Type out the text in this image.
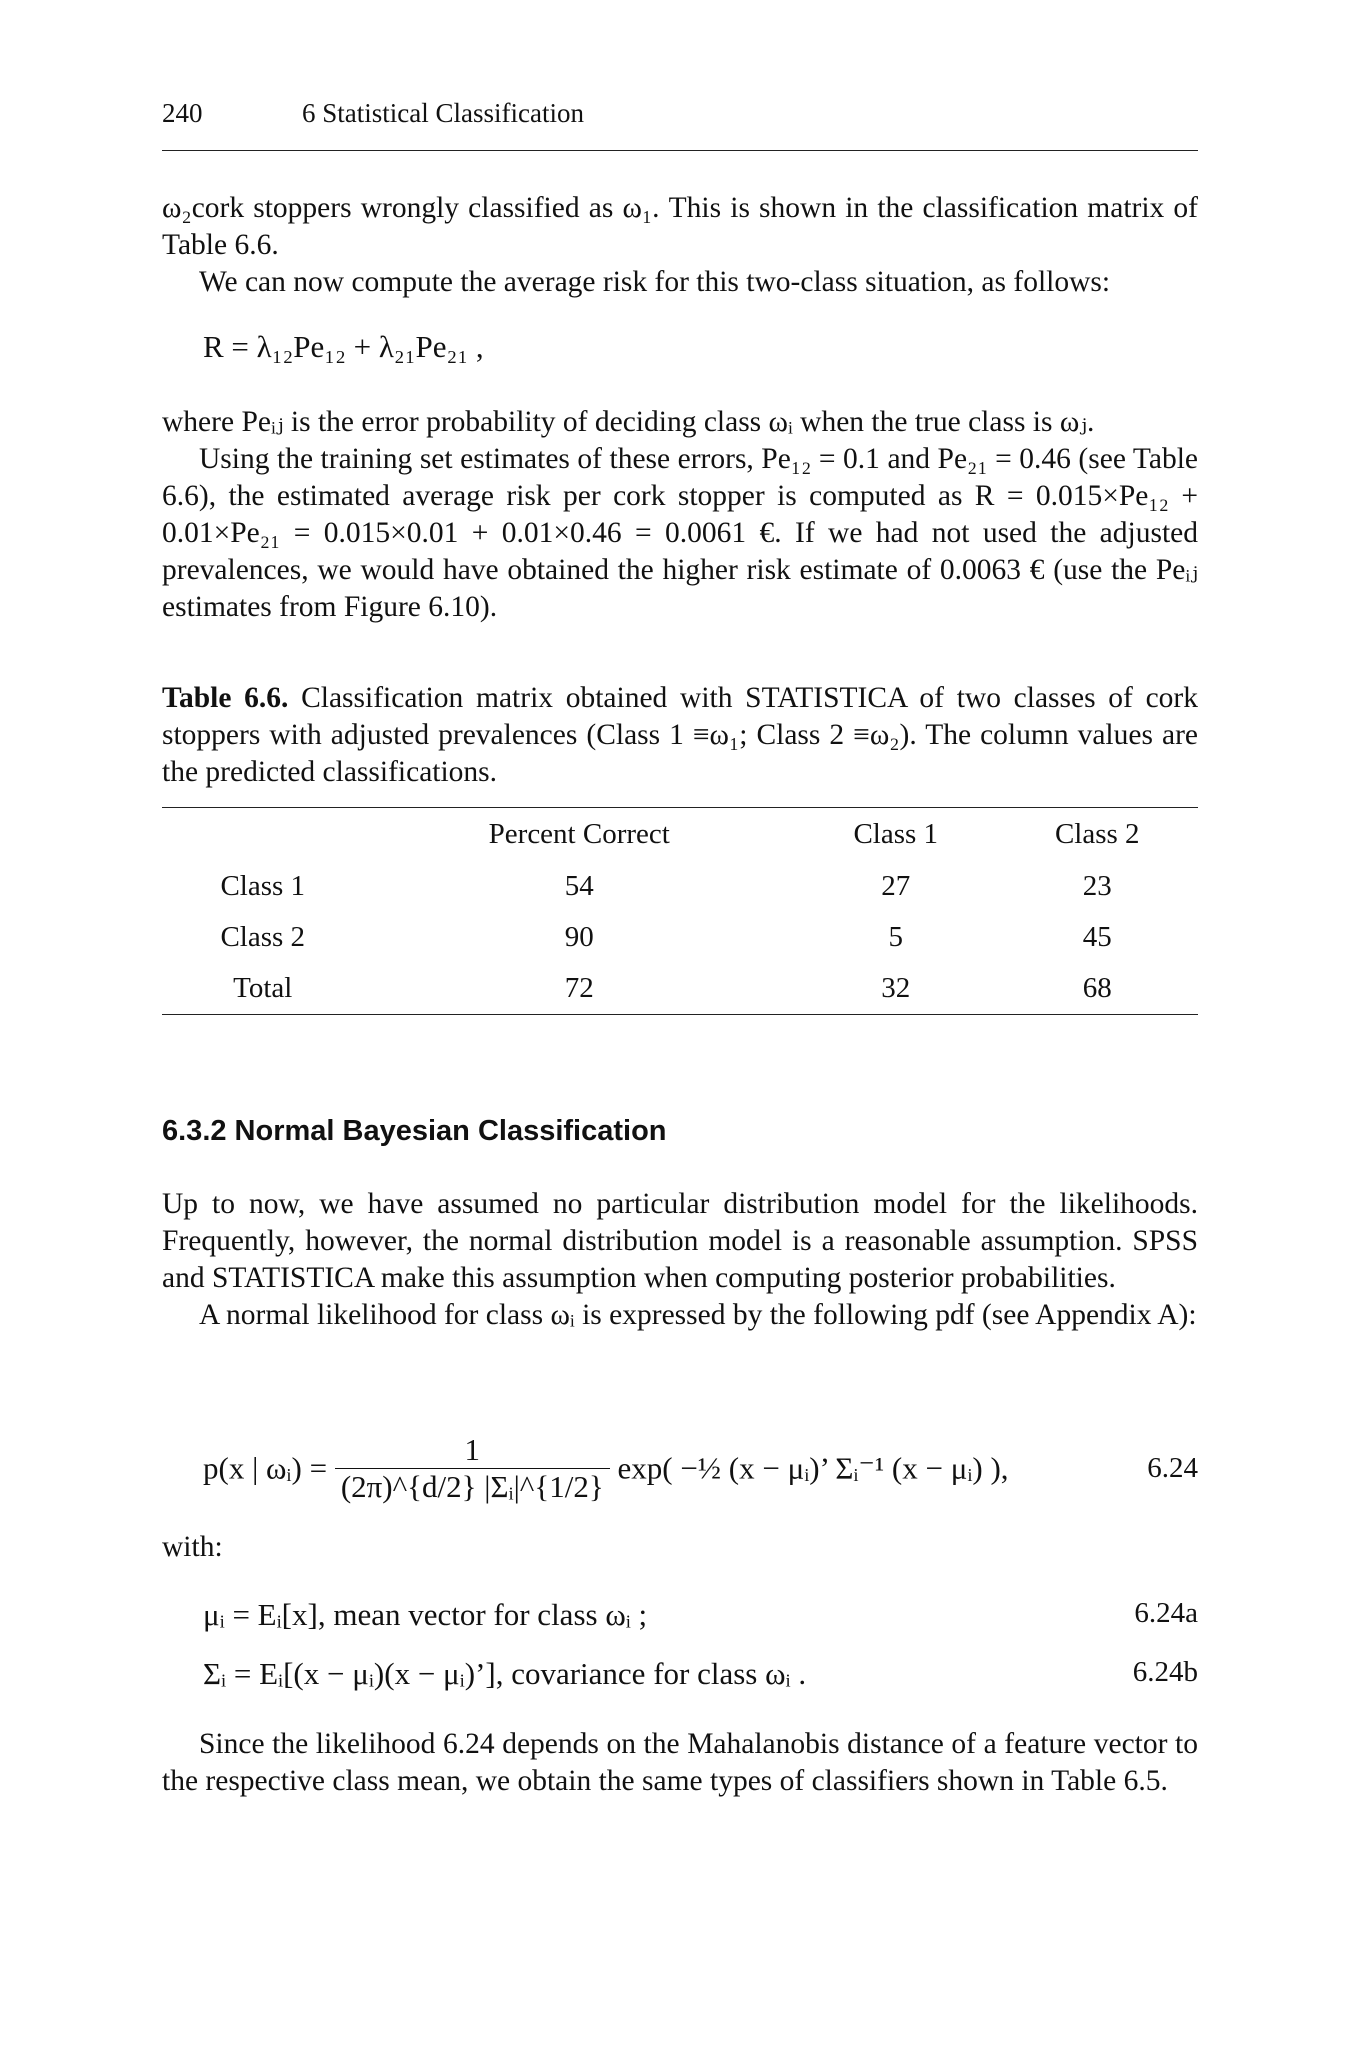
240	6 Statistical Classification

ω₂cork stoppers wrongly classified as ω₁. This is shown in the classification matrix of Table 6.6.

We can now compute the average risk for this two-class situation, as follows:

R = λ₁₂Pe₁₂ + λ₂₁Pe₂₁ ,

where Peᵢⱼ is the error probability of deciding class ωᵢ when the true class is ωⱼ.

Using the training set estimates of these errors, Pe₁₂ = 0.1 and Pe₂₁ = 0.46 (see Table 6.6), the estimated average risk per cork stopper is computed as R = 0.015×Pe₁₂ + 0.01×Pe₂₁ = 0.015×0.01 + 0.01×0.46 = 0.0061 €. If we had not used the adjusted prevalences, we would have obtained the higher risk estimate of 0.0063 € (use the Peᵢⱼ estimates from Figure 6.10).

Table 6.6. Classification matrix obtained with STATISTICA of two classes of cork stoppers with adjusted prevalences (Class 1 ≡ω₁; Class 2 ≡ω₂). The column values are the predicted classifications.

	Percent Correct	Class 1	Class 2
Class 1	54	27	23
Class 2	90	5	45
Total	72	32	68
6.3.2 Normal Bayesian Classification

Up to now, we have assumed no particular distribution model for the likelihoods. Frequently, however, the normal distribution model is a reasonable assumption. SPSS and STATISTICA make this assumption when computing posterior probabilities.

A normal likelihood for class ωᵢ is expressed by the following pdf (see Appendix A):

p(x | ωᵢ) = $\frac{1}{\text{(2π)\textasciicircum{}\{d/2\} |Σᵢ|\textasciicircum{}\{1/2\}}} \exp$( −½ (x − μᵢ)’ Σᵢ⁻¹ (x − μᵢ) ),	6.24
with:
μᵢ = Eᵢ[x], mean vector for class ωᵢ ;	6.24a
Σᵢ = Eᵢ[(x − μᵢ)(x − μᵢ)’], covariance for class ωᵢ .	6.24b
Since the likelihood 6.24 depends on the Mahalanobis distance of a feature vector to the respective class mean, we obtain the same types of classifiers shown in Table 6.5.
